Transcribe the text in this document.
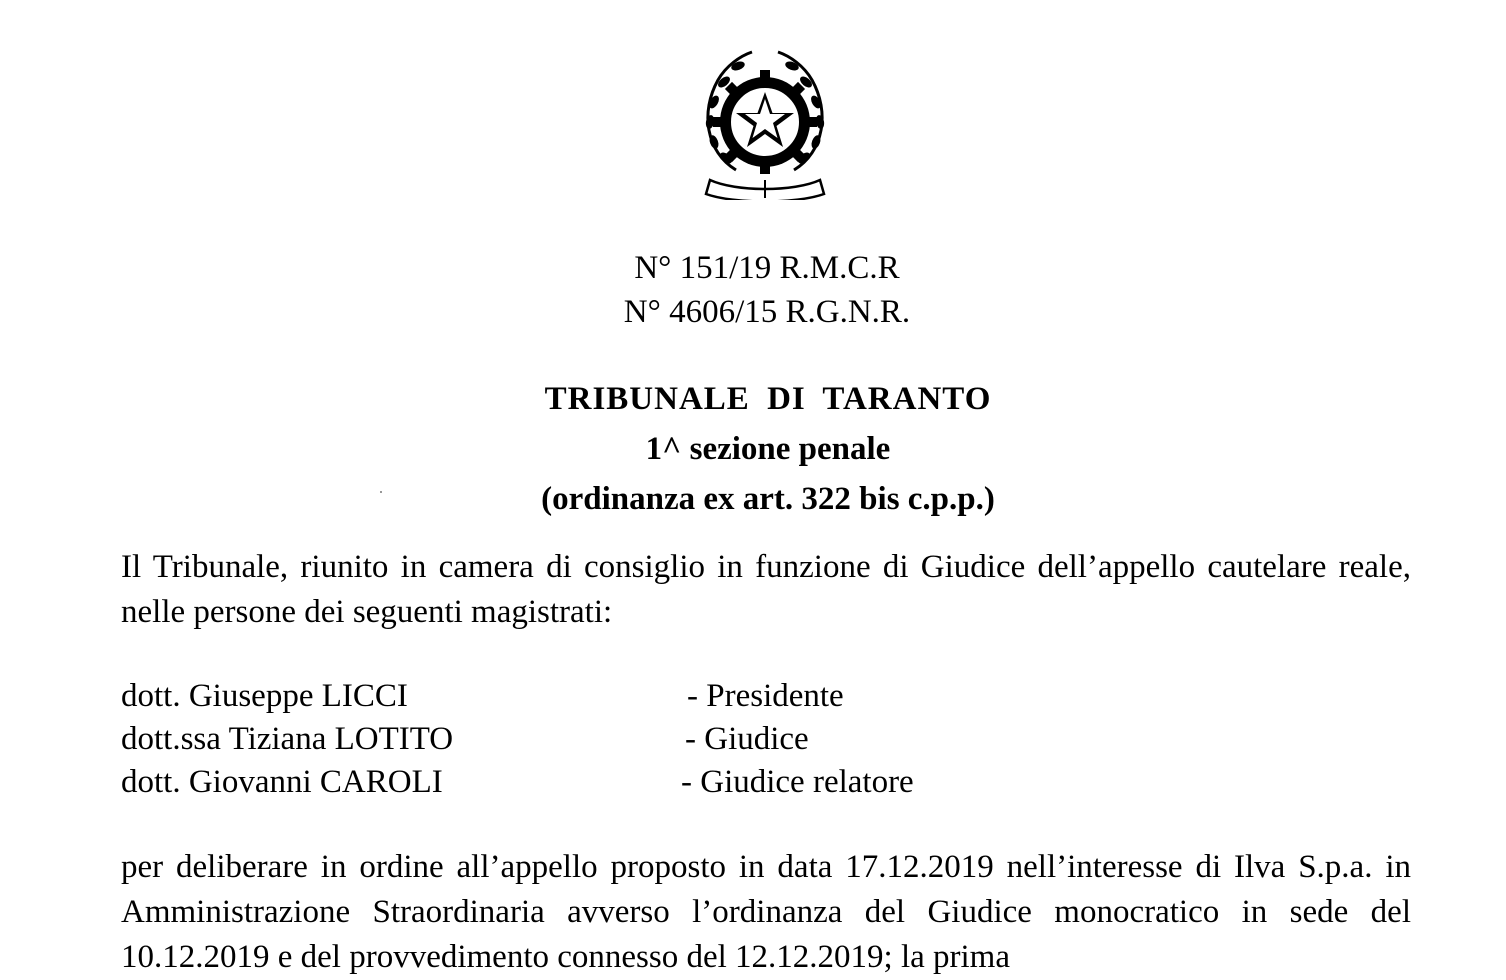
N° 151/19 R.M.C.R
N° 4606/15 R.G.N.R.
TRIBUNALE DI TARANTO
1^ sezione penale
(ordinanza ex art. 322 bis c.p.p.)
Il Tribunale, riunito in camera di consiglio in funzione di Giudice dell’appello cautelare reale, nelle persone dei seguenti magistrati:
dott. Giuseppe LICCI	- Presidente
dott.ssa Tiziana LOTITO	- Giudice
dott. Giovanni CAROLI	- Giudice relatore
per deliberare in ordine all’appello proposto in data 17.12.2019 nell’interesse di Ilva S.p.a. in Amministrazione Straordinaria avverso l’ordinanza del Giudice monocratico in sede del 10.12.2019 e del provvedimento connesso del 12.12.2019; la prima
